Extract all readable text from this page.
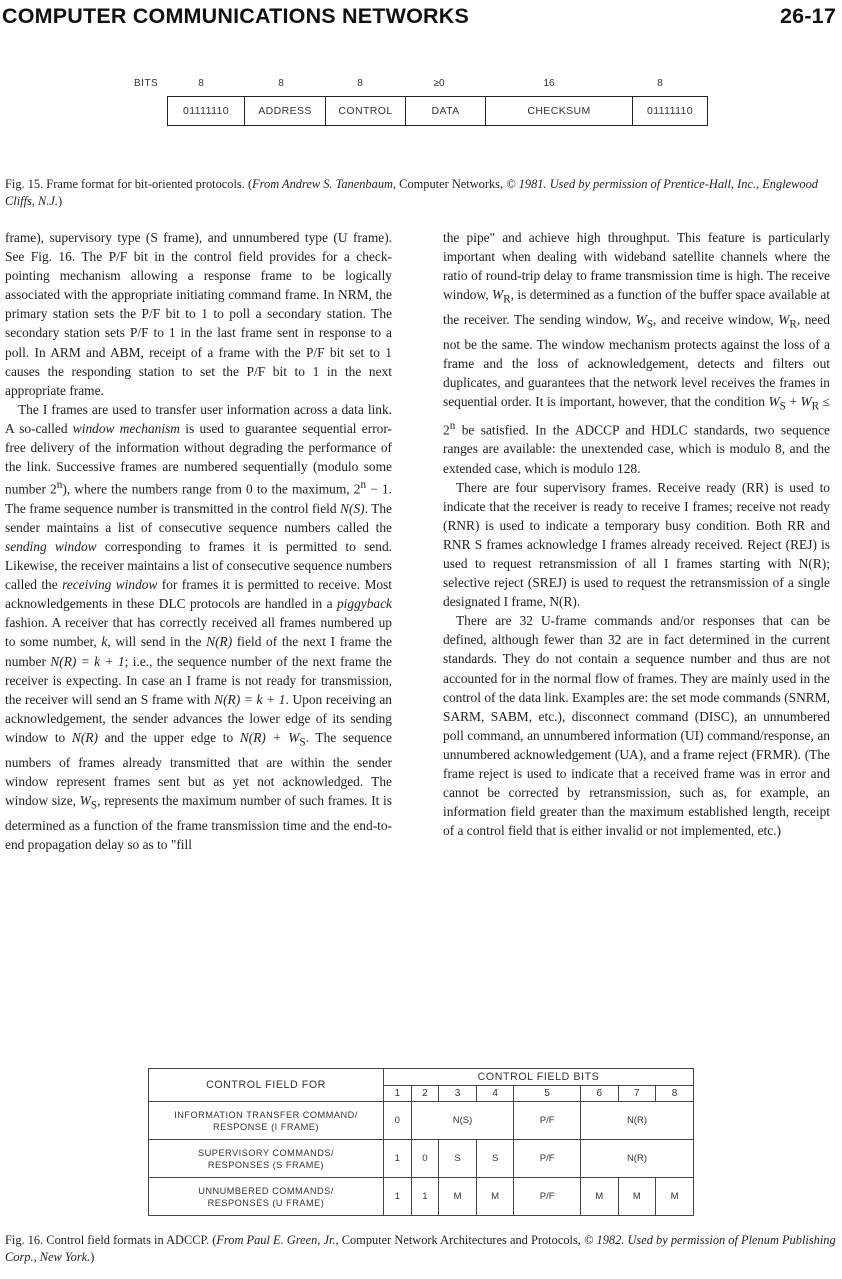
COMPUTER COMMUNICATIONS NETWORKS	26-17
BITS	8	8	8	≥0	16	8
01111110	ADDRESS	CONTROL	DATA	CHECKSUM	01111110
Fig. 15. Frame format for bit-oriented protocols. (From Andrew S. Tanenbaum, Computer Networks, © 1981. Used by permission of Prentice-Hall, Inc., Englewood Cliffs, N.J.)

frame), supervisory type (S frame), and unnumbered type (U frame). See Fig. 16. The P/F bit in the control field provides for a check-pointing mechanism allowing a response frame to be logically associated with the appropriate initiating command frame. In NRM, the primary station sets the P/F bit to 1 to poll a secondary station. The secondary station sets P/F to 1 in the last frame sent in response to a poll. In ARM and ABM, receipt of a frame with the P/F bit set to 1 causes the responding station to set the P/F bit to 1 in the next appropriate frame.

The I frames are used to transfer user information across a data link. A so-called window mechanism is used to guarantee sequential error-free delivery of the information without degrading the performance of the link. Successive frames are numbered sequentially (modulo some number 2$^n$), where the numbers range from 0 to the maximum, $2^n - 1$. The frame sequence number is transmitted in the control field N(S). The sender maintains a list of consecutive sequence numbers called the sending window corresponding to frames it is permitted to send. Likewise, the receiver maintains a list of consecutive sequence numbers called the receiving window for frames it is permitted to receive. Most acknowledgements in these DLC protocols are handled in a piggyback fashion. A receiver that has correctly received all frames numbered up to some number, k, will send in the N(R) field of the next I frame the number N(R) = k + 1; i.e., the sequence number of the next frame the receiver is expecting. In case an I frame is not ready for transmission, the receiver will send an S frame with N(R) = k + 1. Upon receiving an acknowledgement, the sender advances the lower edge of its sending window to N(R) and the upper edge to $N(R) + W_S$. The sequence numbers of frames already transmitted that are within the sender window represent frames sent but as yet not acknowledged. The window size, $W_S$, represents the maximum number of such frames. It is determined as a function of the frame transmission time and the end-to-end propagation delay so as to "fill

the pipe" and achieve high throughput. This feature is particularly important when dealing with wideband satellite channels where the ratio of round-trip delay to frame transmission time is high. The receive window, $W_R$, is determined as a function of the buffer space available at the receiver. The sending window, $W_S$, and receive window, $W_R$, need not be the same. The window mechanism protects against the loss of a frame and the loss of acknowledgement, detects and filters out duplicates, and guarantees that the network level receives the frames in sequential order. It is important, however, that the condition $W_S + W_R \le 2^n$ be satisfied. In the ADCCP and HDLC standards, two sequence ranges are available: the unextended case, which is modulo 8, and the extended case, which is modulo 128.

There are four supervisory frames. Receive ready (RR) is used to indicate that the receiver is ready to receive I frames; receive not ready (RNR) is used to indicate a temporary busy condition. Both RR and RNR S frames acknowledge I frames already received. Reject (REJ) is used to request retransmission of all I frames starting with N(R); selective reject (SREJ) is used to request the retransmission of a single designated I frame, N(R).

There are 32 U-frame commands and/or responses that can be defined, although fewer than 32 are in fact determined in the current standards. They do not contain a sequence number and thus are not accounted for in the normal flow of frames. They are mainly used in the control of the data link. Examples are: the set mode commands (SNRM, SARM, SABM, etc.), disconnect command (DISC), an unnumbered poll command, an unnumbered information (UI) command/response, an unnumbered acknowledgement (UA), and a frame reject (FRMR). (The frame reject is used to indicate that a received frame was in error and cannot be corrected by retransmission, such as, for example, an information field greater than the maximum established length, receipt of a control field that is either invalid or not implemented, etc.)

CONTROL FIELD FOR	CONTROL FIELD BITS							
	1	2	3	4	5	6	7	8
INFORMATION TRANSFER COMMAND/
RESPONSE (I FRAME)	0	N(S)			P/F	N(R)		
SUPERVISORY COMMANDS/
RESPONSES (S FRAME)	1	0	S	S	P/F	N(R)		
UNNUMBERED COMMANDS/
RESPONSES (U FRAME)	1	1	M	M	P/F	M	M	M
Fig. 16. Control field formats in ADCCP. (From Paul E. Green, Jr., Computer Network Architectures and Protocols, © 1982. Used by permission of Plenum Publishing Corp., New York.)
